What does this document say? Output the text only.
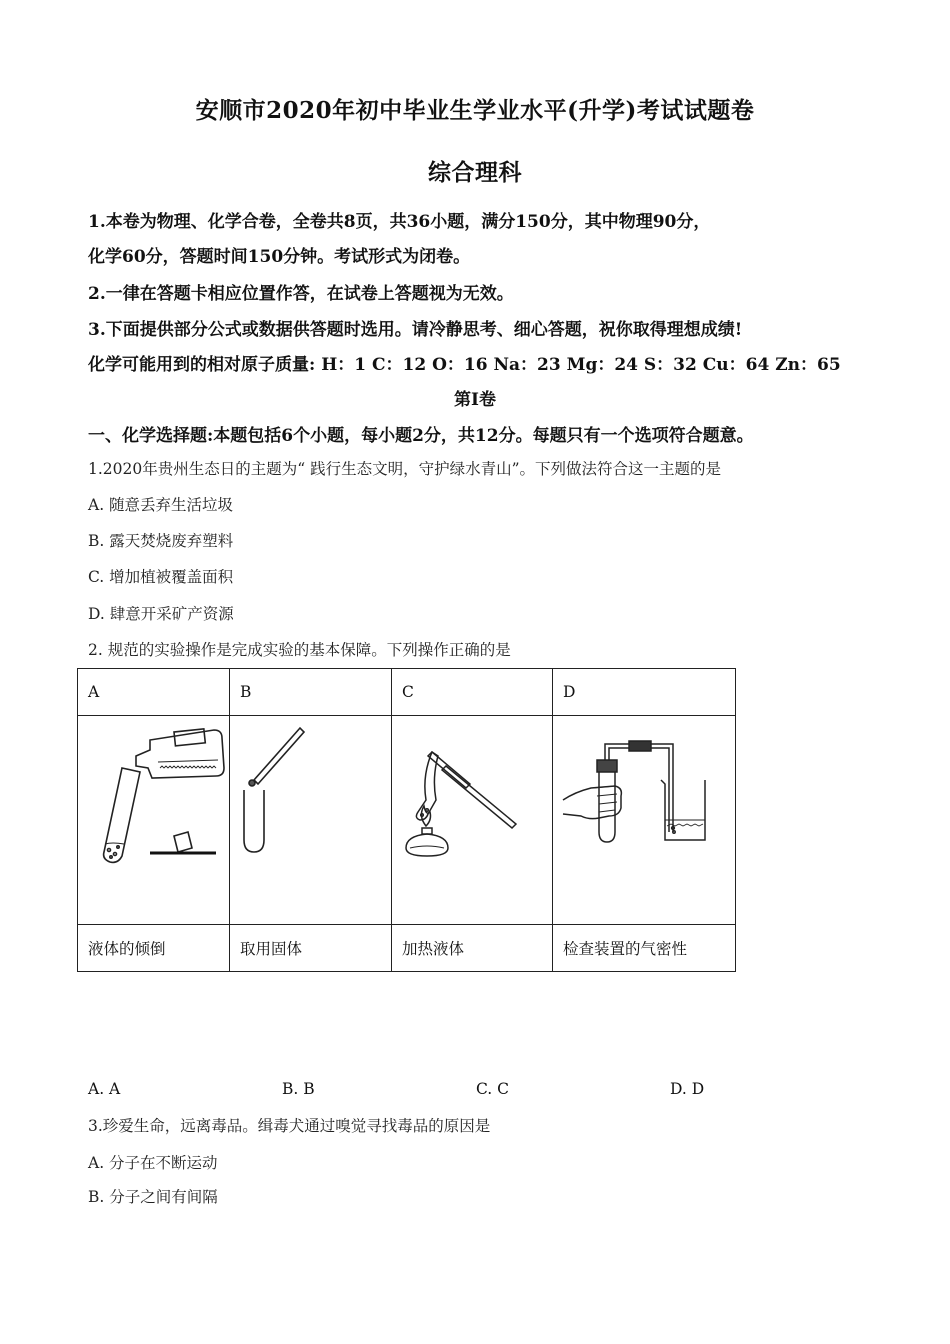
安顺市2020年初中毕业生学业水平(升学)考试试题卷
综合理科
1.本卷为物理、化学合卷，全卷共8页，共36小题，满分150分，其中物理90分，
化学60分，答题时间150分钟。考试形式为闭卷。
2.一律在答题卡相应位置作答，在试卷上答题视为无效。
3.下面提供部分公式或数据供答题时选用。请冷静思考、细心答题，祝你取得理想成绩!
化学可能用到的相对原子质量: H：1 C：12 O：16 Na：23 Mg：24 S：32 Cu：64 Zn：65
第I卷
一、化学选择题:本题包括6个小题，每小题2分，共12分。每题只有一个选项符合题意。
1.2020年贵州生态日的主题为“ 践行生态文明，守护绿水青山”。下列做法符合这一主题的是
A. 随意丢弃生活垃圾
B. 露天焚烧废弃塑料
C. 增加植被覆盖面积
D. 肆意开采矿产资源
2. 规范的实验操作是完成实验的基本保障。下列操作正确的是
A	B	C	D

液体的倾倒	取用固体	加热液体	检查装置的气密性
A. A	B. B	C. C	D. D
3.珍爱生命，远离毒品。缉毒犬通过嗅觉寻找毒品的原因是
A. 分子在不断运动
B. 分子之间有间隔
